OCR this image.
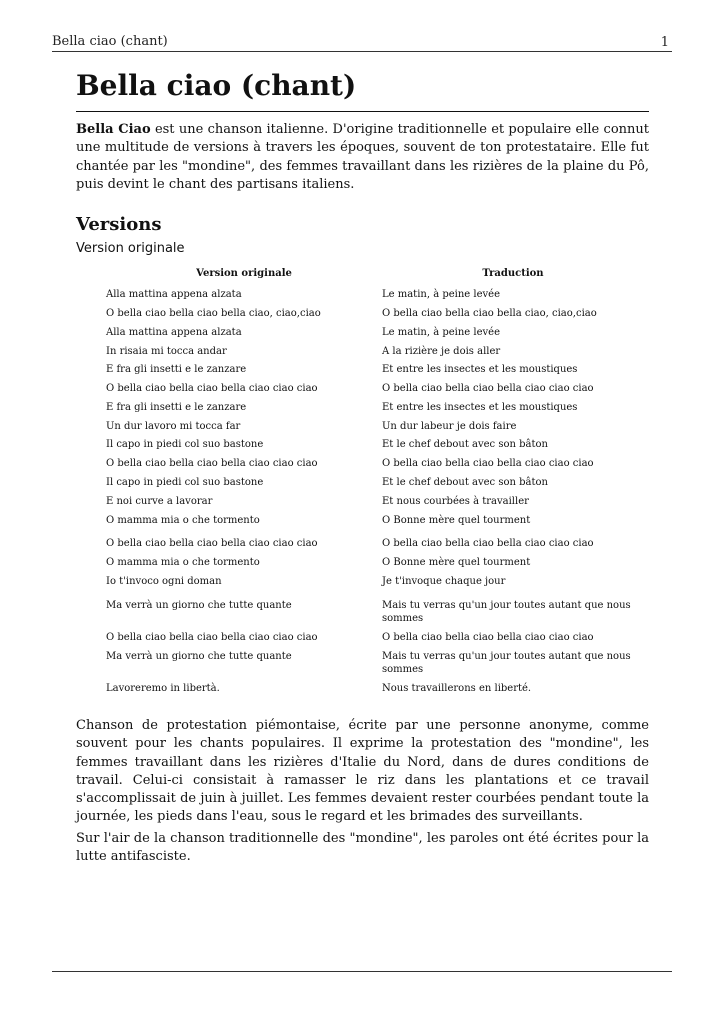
Bella ciao (chant)	1
Bella ciao (chant)

Bella Ciao est une chanson italienne. D'origine traditionnelle et populaire elle connut une multitude de versions à travers les époques, souvent de ton protestataire. Elle fut chantée par les "mondine", des femmes travaillant dans les rizières de la plaine du Pô, puis devint le chant des partisans italiens.

Versions
Version originale
Version originale	Traduction
Alla mattina appena alzata	Le matin, à peine levée
O bella ciao bella ciao bella ciao, ciao,ciao	O bella ciao bella ciao bella ciao, ciao,ciao
Alla mattina appena alzata	Le matin, à peine levée
In risaia mi tocca andar	A la rizière je dois aller
E fra gli insetti e le zanzare	Et entre les insectes et les moustiques
O bella ciao bella ciao bella ciao ciao ciao	O bella ciao bella ciao bella ciao ciao ciao
E fra gli insetti e le zanzare	Et entre les insectes et les moustiques
Un dur lavoro mi tocca far	Un dur labeur je dois faire
Il capo in piedi col suo bastone	Et le chef debout avec son bâton
O bella ciao bella ciao bella ciao ciao ciao	O bella ciao bella ciao bella ciao ciao ciao
Il capo in piedi col suo bastone	Et le chef debout avec son bâton
E noi curve a lavorar	Et nous courbées à travailler
O mamma mia o che tormento	O Bonne mère quel tourment
O bella ciao bella ciao bella ciao ciao ciao	O bella ciao bella ciao bella ciao ciao ciao
O mamma mia o che tormento	O Bonne mère quel tourment
Io t'invoco ogni doman	Je t'invoque chaque jour
Ma verrà un giorno che tutte quante	Mais tu verras qu'un jour toutes autant que nous sommes
O bella ciao bella ciao bella ciao ciao ciao	O bella ciao bella ciao bella ciao ciao ciao
Ma verrà un giorno che tutte quante	Mais tu verras qu'un jour toutes autant que nous sommes
Lavoreremo in libertà.	Nous travaillerons en liberté.

Chanson de protestation piémontaise, écrite par une personne anonyme, comme souvent pour les chants populaires. Il exprime la protestation des "mondine", les femmes travaillant dans les rizières d'Italie du Nord, dans de dures conditions de travail. Celui-ci consistait à ramasser le riz dans les plantations et ce travail s'accomplissait de juin à juillet. Les femmes devaient rester courbées pendant toute la journée, les pieds dans l'eau, sous le regard et les brimades des surveillants.

Sur l'air de la chanson traditionnelle des "mondine", les paroles ont été écrites pour la lutte antifasciste.
